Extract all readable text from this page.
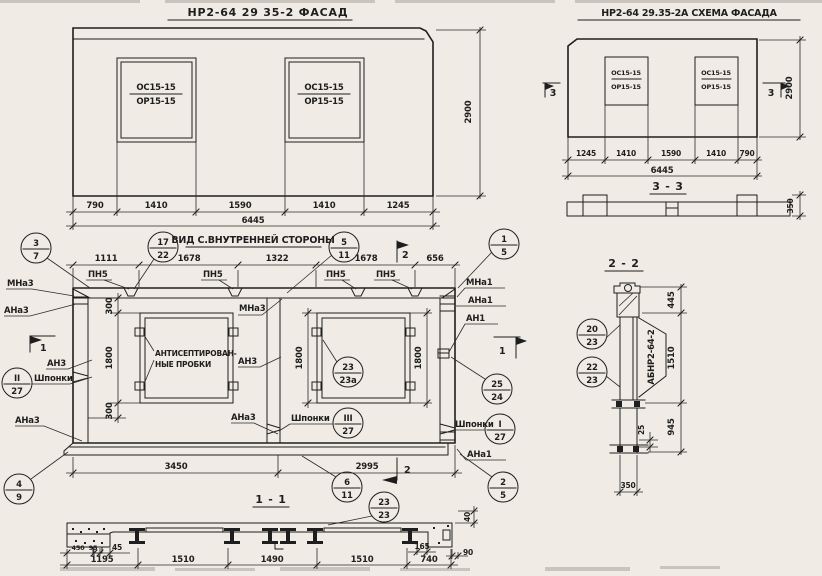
НР2-64 29 35-2 ФАСАД
ОС15-15
ОР15-15
ОС15-15
ОР15-15
790	1410	1590	1410	1245
6445
2900
НР2-64 29.35-2А СХЕМА ФАСАДА
ОС15-15
ОР15-15
ОС15-15
ОР15-15
3	3
1245	1410	1590	1410 790
6445
2900
3 - 3
350
ВИД С.ВНУТРЕННЕЙ СТОРОНЫ
АНТИСЕПТИРОВАН-
НЫЕ ПРОБКИ
1111	1678	1322	1678	656
300
1800
300
1800	1800
3450	2995
ПН5	ПН5	ПН5	ПН5
МНа3
АНа3
АН3
АНа3
МНа3
АН3
АНа3
МНа1
АНа1
АН1
АНа1
2
2
1	1
3
7
17
22
5
11
1
5
23
23а	25
24
II
27
Шпонки
III
27
Шпонки
I
27
Шпонки
4
9
6
11
23
23
2
5
20
23
22
23
1 - 1
450 95 45	165
90
40
1195	1510	1490	1510	740
2 - 2
АБНР2-64-2
445
1510
945
25
350
